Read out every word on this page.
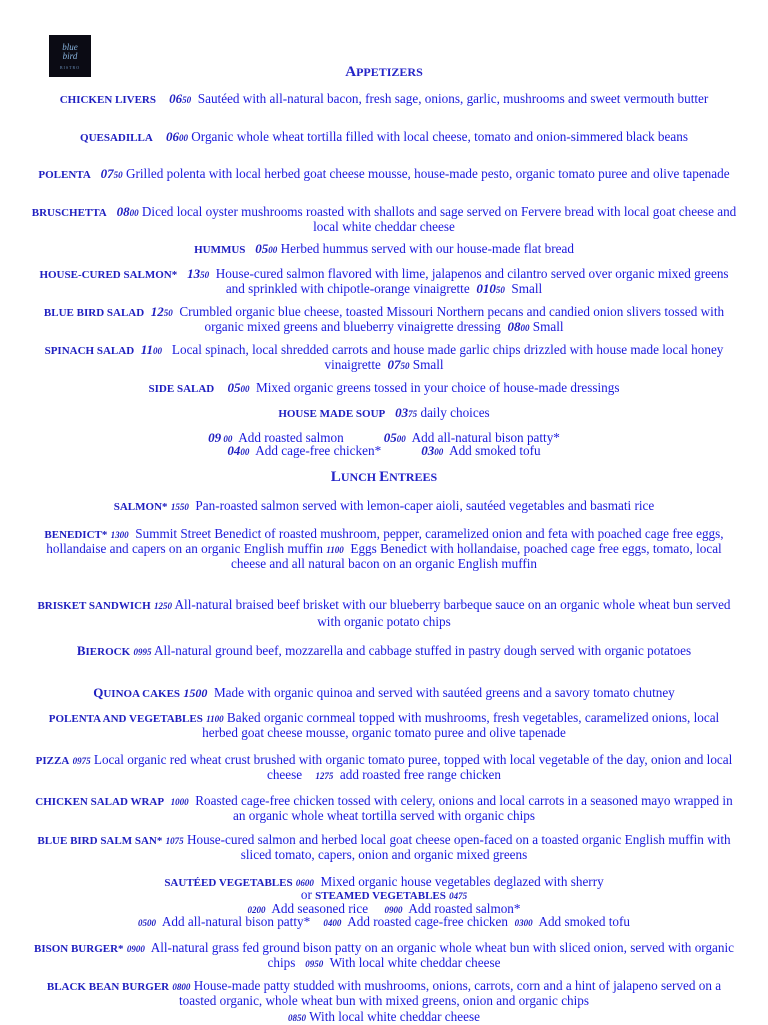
blue
bird
BISTRO	APPETIZERS
CHICKEN LIVERS 0650 Sautéed with all-natural bacon, fresh sage, onions, garlic, mushrooms and sweet vermouth butter
QUESADILLA 0600 Organic whole wheat tortilla filled with local cheese, tomato and onion-simmered black beans
POLENTA 0750 Grilled polenta with local herbed goat cheese mousse, house-made pesto, organic tomato puree and olive tapenade
BRUSCHETTA 0800 Diced local oyster mushrooms roasted with shallots and sage served on Fervere bread with local goat cheese and local white cheddar cheese
HUMMUS 0500 Herbed hummus served with our house-made flat bread
HOUSE-CURED SALMON* 1350 House-cured salmon flavored with lime, jalapenos and cilantro served over organic mixed greens and sprinkled with chipotle-orange vinaigrette 01050 Small
BLUE BIRD SALAD 1250 Crumbled organic blue cheese, toasted Missouri Northern pecans and candied onion slivers tossed with organic mixed greens and blueberry vinaigrette dressing 0800 Small
SPINACH SALAD 1100 Local spinach, local shredded carrots and house made garlic chips drizzled with house made local honey vinaigrette 0750 Small
SIDE SALAD 0500 Mixed organic greens tossed in your choice of house-made dressings
HOUSE MADE SOUP 0375 daily choices
09 00 Add roasted salmon	0500 Add all-natural bison patty*
0400 Add cage-free chicken*	0300 Add smoked tofu
LUNCH ENTREES
SALMON* 1550 Pan-roasted salmon served with lemon-caper aioli, sautéed vegetables and basmati rice
BENEDICT* 1300 Summit Street Benedict of roasted mushroom, pepper, caramelized onion and feta with poached cage free eggs, hollandaise and capers on an organic English muffin 1100 Eggs Benedict with hollandaise, poached cage free eggs, tomato, local cheese and all natural bacon on an organic English muffin
BRISKET SANDWICH 1250 All-natural braised beef brisket with our blueberry barbeque sauce on an organic whole wheat bun served with organic potato chips
BIEROCK 0995 All-natural ground beef, mozzarella and cabbage stuffed in pastry dough served with organic potatoes
QUINOA CAKES 1500 Made with organic quinoa and served with sautéed greens and a savory tomato chutney
POLENTA AND VEGETABLES 1100 Baked organic cornmeal topped with mushrooms, fresh vegetables, caramelized onions, local herbed goat cheese mousse, organic tomato puree and olive tapenade
PIZZA 0975 Local organic red wheat crust brushed with organic tomato puree, topped with local vegetable of the day, onion and local cheese 1275 add roasted free range chicken
CHICKEN SALAD WRAP 1000 Roasted cage-free chicken tossed with celery, onions and local carrots in a seasoned mayo wrapped in an organic whole wheat tortilla served with organic chips
BLUE BIRD SALM SAN* 1075 House-cured salmon and herbed local goat cheese open-faced on a toasted organic English muffin with sliced tomato, capers, onion and organic mixed greens
SAUTÉED VEGETABLES 0600 Mixed organic house vegetables deglazed with sherry
or STEAMED VEGETABLES 0475
0200 Add seasoned rice 0900 Add roasted salmon*
0500 Add all-natural bison patty* 0400 Add roasted cage-free chicken 0300 Add smoked tofu
BISON BURGER* 0900 All-natural grass fed ground bison patty on an organic whole wheat bun with sliced onion, served with organic chips 0950 With local white cheddar cheese
BLACK BEAN BURGER 0800 House-made patty studded with mushrooms, onions, carrots, corn and a hint of jalapeno served on a toasted organic, whole wheat bun with mixed greens, onion and organic chips
0850 With local white cheddar cheese
